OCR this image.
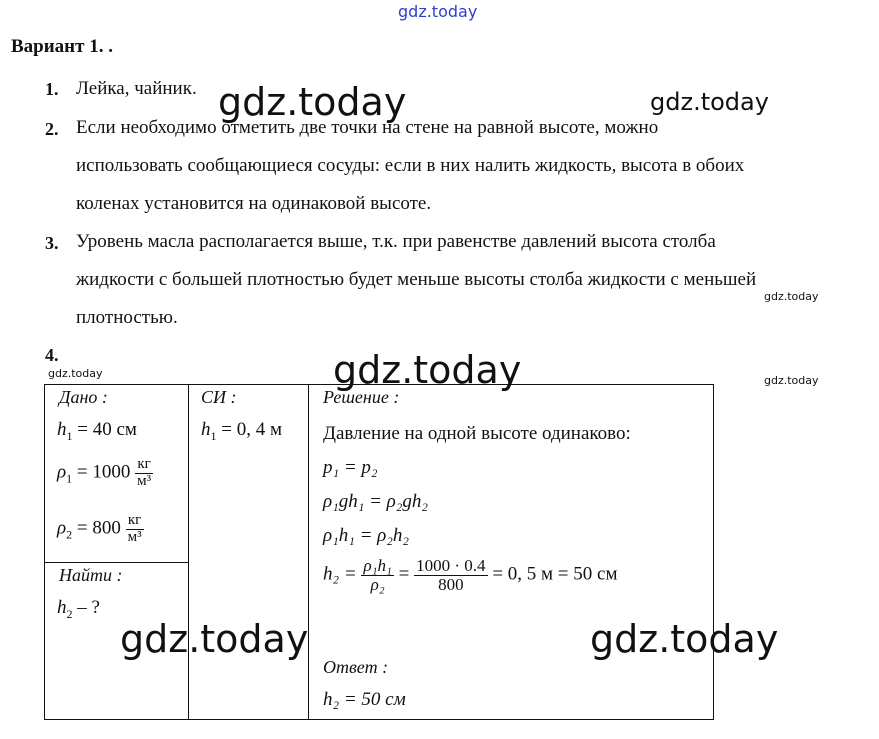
gdz.today
gdz.today	gdz.today
gdz.today
gdz.today	gdz.today	gdz.today
Вариант 1. .
1. Лейка, чайник.
2. Если необходимо отметить две точки на стене на равной высоте, можно
использовать сообщающиеся сосуды: если в них налить жидкость, высота в обоих
коленах установится на одинаковой высоте.
3. Уровень масла располагается выше, т.к. при равенстве давлений высота столба
жидкости с большей плотностью будет меньше высоты столба жидкости с меньшей
плотностью.
4.
Дано :
$h_1 = 40$ см
$\rho_1 = 1000 \frac{кг}{\text{м³}}$
$\rho_2 = 800 \frac{кг}{\text{м³}}$

СИ :
$h_1 = 0$, 4 м

Решение :
Давление на одной высоте одинаково:
p₁ = p₂
ρ₁gh₁ = ρ₂gh₂
ρ₁h₁ = ρ₂h₂
$h_2 = \frac{\text{ρ₁h₁}}{\text{ρ₂}} = \frac{1000 \cdot 0.4}{800} = 0$, 5 м = 50 см
Ответ :
h₂ = 50 см

Найти :
$h_2$ – ?
gdz.today	gdz.today
